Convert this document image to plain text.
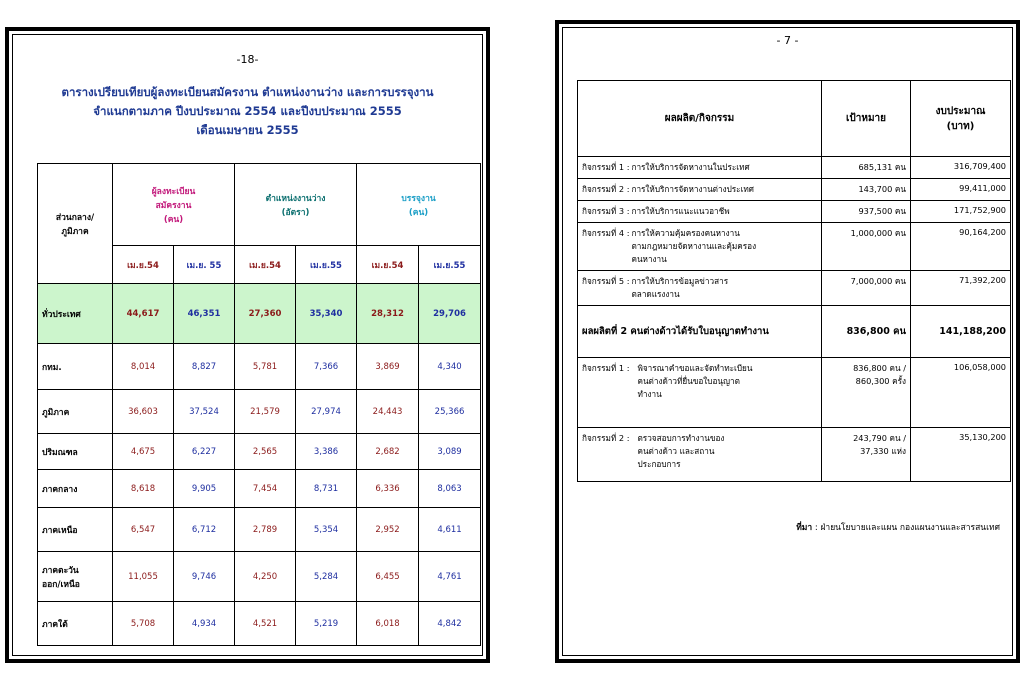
-18-
ตารางเปรียบเทียบผู้ลงทะเบียนสมัครงาน ตำแหน่งงานว่าง และการบรรจุงาน
จำแนกตามภาค ปีงบประมาณ 2554 และปีงบประมาณ 2555
เดือนเมษายน 2555
ส่วนกลาง/
ภูมิภาค	ผู้ลงทะเบียน
สมัครงาน
(คน)		ตำแหน่งงานว่าง
(อัตรา)		บรรจุงาน
(คน)	
	เม.ย.54	เม.ย. 55	เม.ย.54	เม.ย.55	เม.ย.54	เม.ย.55
ทั่วประเทศ	44,617	46,351	27,360	35,340	28,312	29,706
กทม.	8,014	8,827	5,781	7,366	3,869	4,340
ภูมิภาค	36,603	37,524	21,579	27,974	24,443	25,366
ปริมณฑล	4,675	6,227	2,565	3,386	2,682	3,089
ภาคกลาง	8,618	9,905	7,454	8,731	6,336	8,063
ภาคเหนือ	6,547	6,712	2,789	5,354	2,952	4,611
ภาคตะวัน
ออก/เหนือ	11,055	9,746	4,250	5,284	6,455	4,761
ภาคใต้	5,708	4,934	4,521	5,219	6,018	4,842
- 7 -
ผลผลิต/กิจกรรม	เป้าหมาย	งบประมาณ
(บาท)

กิจกรรมที่ 1 : การให้บริการจัดหางานในประเทศ	685,131 คน	316,709,400

กิจกรรมที่ 2 : การให้บริการจัดหางานต่างประเทศ	143,700 คน	99,411,000

กิจกรรมที่ 3 : การให้บริการแนะแนวอาชีพ	937,500 คน	171,752,900

กิจกรรมที่ 4 : การให้ความคุ้มครองคนหางาน
ตามกฎหมายจัดหางานและคุ้มครอง
คนหางาน	1,000,000 คน	90,164,200

กิจกรรมที่ 5 : การให้บริการข้อมูลข่าวสาร
ตลาดแรงงาน	7,000,000 คน	71,392,200
ผลผลิตที่ 2 คนต่างด้าวได้รับใบอนุญาตทำงาน	836,800 คน	141,188,200

กิจกรรมที่ 1 : พิจารณาคำขอและจัดทำทะเบียน
คนต่างด้าวที่ยื่นขอใบอนุญาต
ทำงาน	836,800 คน /
860,300 ครั้ง	106,058,000

กิจกรรมที่ 2 : ตรวจสอบการทำงานของ
คนต่างด้าว และสถาน
ประกอบการ	243,790 คน /
37,330 แห่ง	35,130,200
ที่มา : ฝ่ายนโยบายและแผน กองแผนงานและสารสนเทศ
